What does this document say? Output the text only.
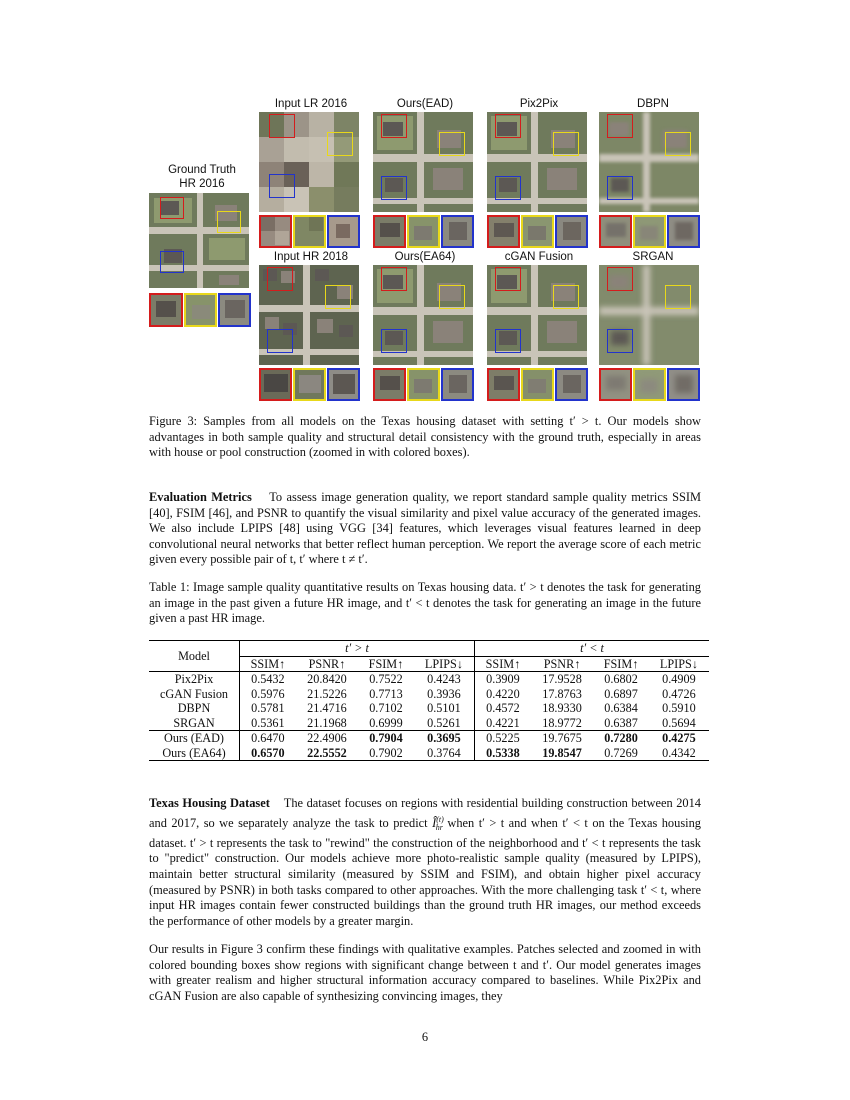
Ground Truth
HR 2016
Input LR 2016	Ours(EAD)	Pix2Pix	DBPN
Input HR 2018	Ours(EA64)	cGAN Fusion	SRGAN
Figure 3: Samples from all models on the Texas housing dataset with setting t′ > t. Our models show advantages in both sample quality and structural detail consistency with the ground truth, especially in areas with house or pool construction (zoomed in with colored boxes).
Evaluation Metrics To assess image generation quality, we report standard sample quality metrics SSIM [40], FSIM [46], and PSNR to quantify the visual similarity and pixel value accuracy of the generated images. We also include LPIPS [48] using VGG [34] features, which leverages visual features learned in deep convolutional neural networks that better reflect human perception. We report the average score of each metric given every possible pair of t, t′ where t ≠ t′.
Table 1: Image sample quality quantitative results on Texas housing data. t′ > t denotes the task for generating an image in the past given a future HR image, and t′ < t denotes the task for generating an image in the future given a past HR image.
Model	t′ > t				t′ < t			
	SSIM↑	PSNR↑	FSIM↑	LPIPS↓	SSIM↑	PSNR↑	FSIM↑	LPIPS↓
Pix2Pix	0.5432	20.8420	0.7522	0.4243	0.3909	17.9528	0.6802	0.4909
cGAN Fusion	0.5976	21.5226	0.7713	0.3936	0.4220	17.8763	0.6897	0.4726
DBPN	0.5781	21.4716	0.7102	0.5101	0.4572	18.9330	0.6384	0.5910
SRGAN	0.5361	21.1968	0.6999	0.5261	0.4221	18.9772	0.6387	0.5694
Ours (EAD)	0.6470	22.4906	0.7904	0.3695	0.5225	19.7675	0.7280	0.4275
Ours (EA64)	0.6570	22.5552	0.7902	0.3764	0.5338	19.8547	0.7269	0.4342
Texas Housing Dataset The dataset focuses on regions with residential building construction between 2014 and 2017, so we separately analyze the task to predict $Î^{(t)}_{hr}$ when t′ > t and when t′ < t on the Texas housing dataset. t′ > t represents the task to "rewind" the construction of the neighborhood and t′ < t represents the task to "predict" construction. Our models achieve more photo-realistic sample quality (measured by LPIPS), maintain better structural similarity (measured by SSIM and FSIM), and obtain higher pixel accuracy (measured by PSNR) in both tasks compared to other approaches. With the more challenging task t′ < t, where input HR images contain fewer constructed buildings than the ground truth HR images, our method exceeds the performance of other models by a greater margin.
Our results in Figure 3 confirm these findings with qualitative examples. Patches selected and zoomed in with colored bounding boxes show regions with significant change between t and t′. Our model generates images with greater realism and higher structural information accuracy compared to baselines. While Pix2Pix and cGAN Fusion are also capable of synthesizing convincing images, they
6
